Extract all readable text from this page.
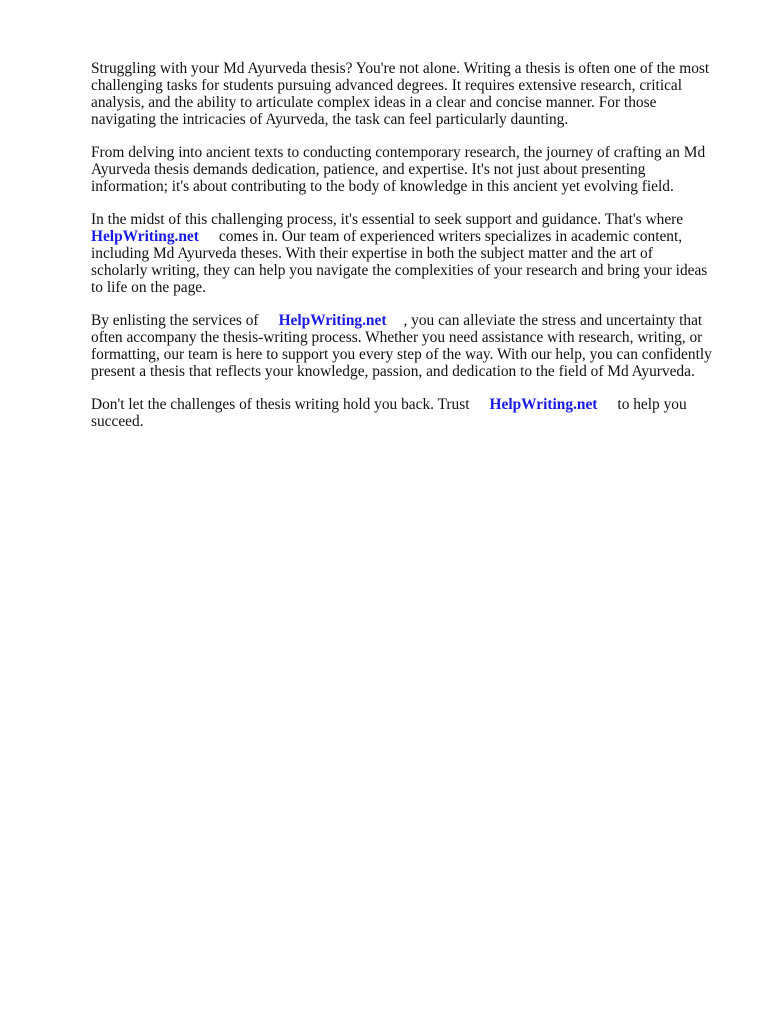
Struggling with your Md Ayurveda thesis? You're not alone. Writing a thesis is often one of the most
challenging tasks for students pursuing advanced degrees. It requires extensive research, critical
analysis, and the ability to articulate complex ideas in a clear and concise manner. For those
navigating the intricacies of Ayurveda, the task can feel particularly daunting.

From delving into ancient texts to conducting contemporary research, the journey of crafting an Md
Ayurveda thesis demands dedication, patience, and expertise. It's not just about presenting
information; it's about contributing to the body of knowledge in this ancient yet evolving field.

In the midst of this challenging process, it's essential to seek support and guidance. That's where
HelpWriting.net comes in. Our team of experienced writers specializes in academic content,
including Md Ayurveda theses. With their expertise in both the subject matter and the art of
scholarly writing, they can help you navigate the complexities of your research and bring your ideas
to life on the page.

By enlisting the services of HelpWriting.net , you can alleviate the stress and uncertainty that
often accompany the thesis-writing process. Whether you need assistance with research, writing, or
formatting, our team is here to support you every step of the way. With our help, you can confidently
present a thesis that reflects your knowledge, passion, and dedication to the field of Md Ayurveda.

Don't let the challenges of thesis writing hold you back. Trust HelpWriting.net to help you
succeed.
